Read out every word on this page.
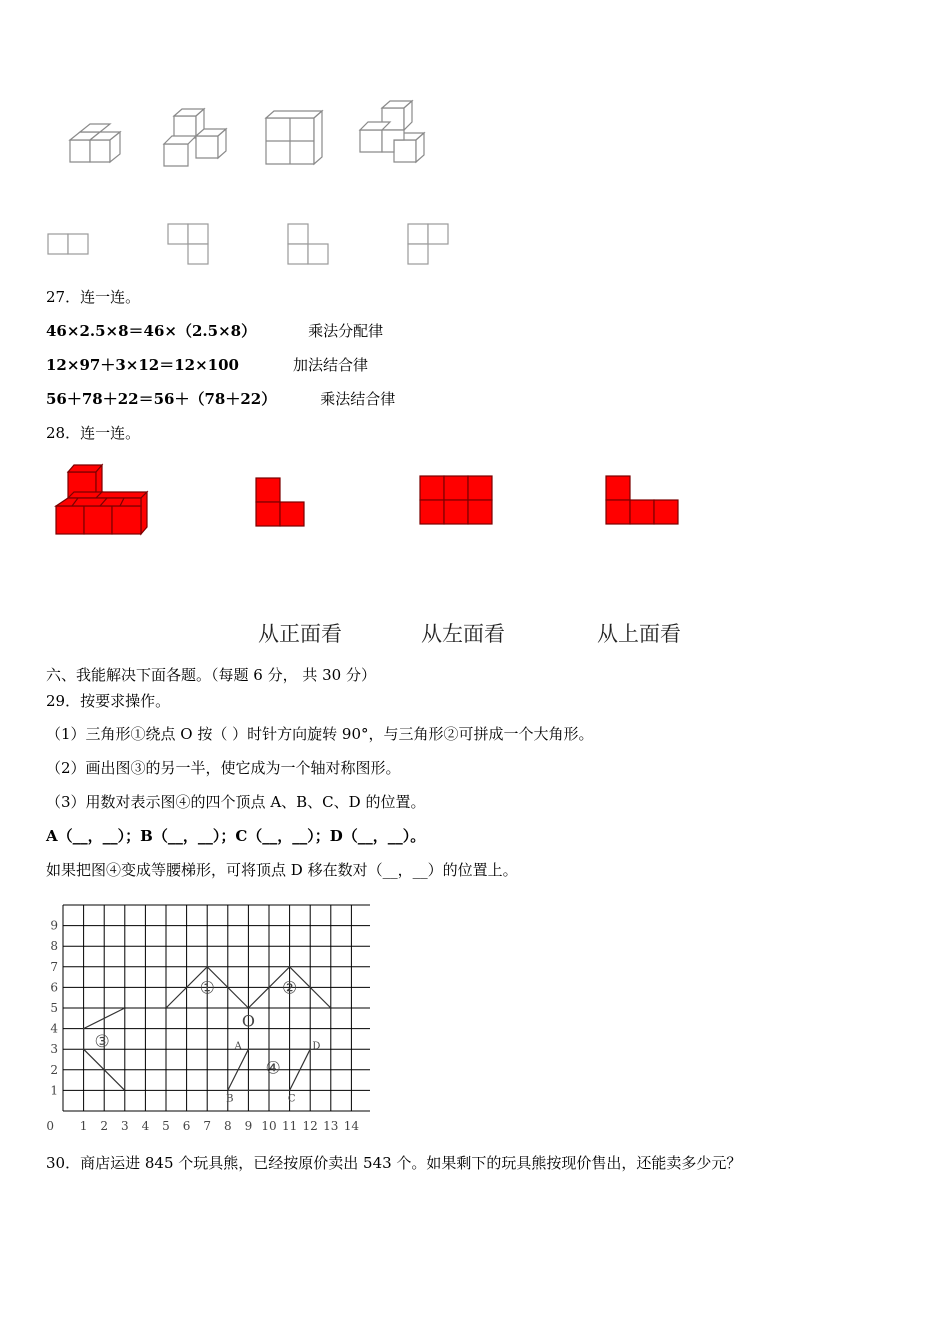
27．连一连。
46×2.5×8＝46×（2.5×8）	乘法分配律
12×97＋3×12＝12×100	加法结合律
56＋78＋22＝56＋（78＋22）	乘法结合律
28．连一连。
从正面看	从左面看	从上面看
六、我能解决下面各题。（每题 6 分， 共 30 分）
29．按要求操作。
（1）三角形①绕点 O 按（ ）时针方向旋转 90°，与三角形②可拼成一个大角形。
（2）画出图③的另一半，使它成为一个轴对称图形。
（3）用数对表示图④的四个顶点 A、B、C、D 的位置。
A（__，__）；B（__，__）；C（__，__）；D（__，__）。
如果把图④变成等腰梯形，可将顶点 D 移在数对（__，__）的位置上。
0 1 2 3 4 5 6 7 8 9 10 11 12 13 14
1
2
3
4
5
6
7
8
9
①	②
③
④
O
A	D
B	C
30．商店运进 845 个玩具熊，已经按原价卖出 543 个。如果剩下的玩具熊按现价售出，还能卖多少元？
